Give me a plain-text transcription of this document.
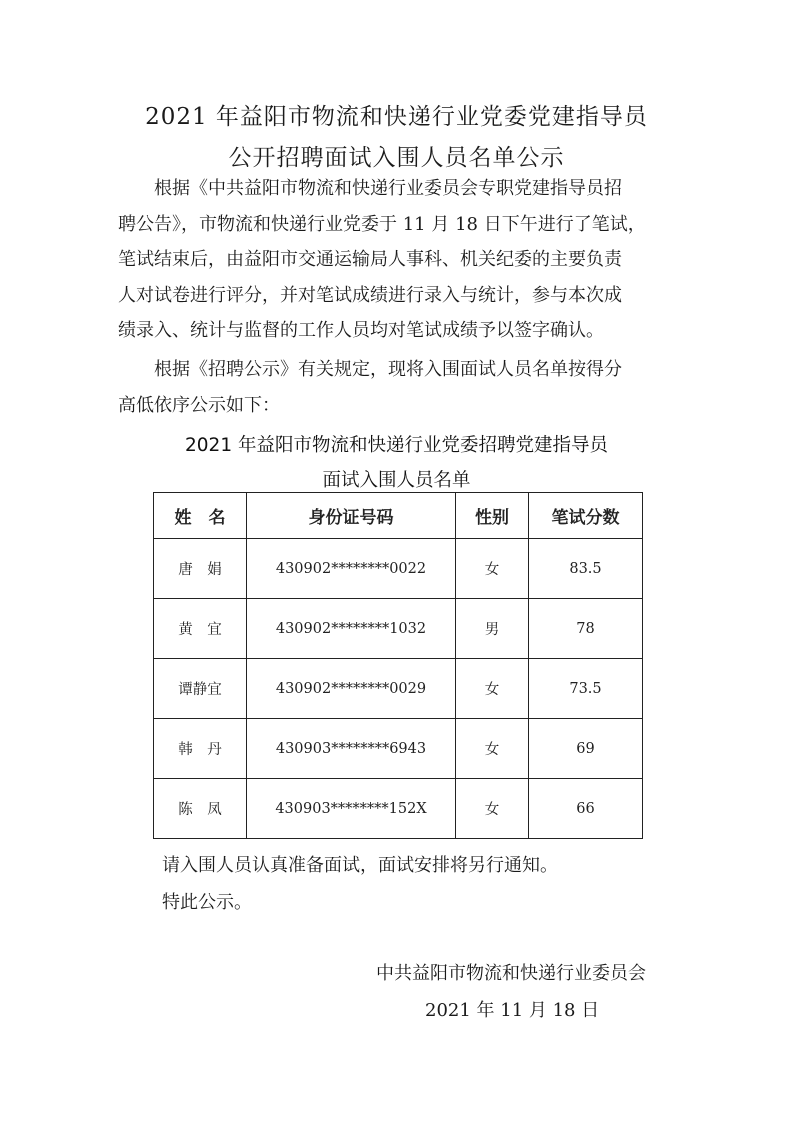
2021 年益阳市物流和快递行业党委党建指导员
公开招聘面试入围人员名单公示
根据《中共益阳市物流和快递行业委员会专职党建指导员招
聘公告》，市物流和快递行业党委于 11 月 18 日下午进行了笔试，
笔试结束后，由益阳市交通运输局人事科、机关纪委的主要负责
人对试卷进行评分，并对笔试成绩进行录入与统计，参与本次成
绩录入、统计与监督的工作人员均对笔试成绩予以签字确认。
根据《招聘公示》有关规定，现将入围面试人员名单按得分
高低依序公示如下：
2021 年益阳市物流和快递行业党委招聘党建指导员
面试入围人员名单
姓　名	身份证号码	性别	笔试分数
唐　娟	430902********0022	女	83.5
黄　宜	430902********1032	男	78
谭静宜	430902********0029	女	73.5
韩　丹	430903********6943	女	69
陈　凤	430903********152X	女	66
请入围人员认真准备面试，面试安排将另行通知。
特此公示。
中共益阳市物流和快递行业委员会
2021 年 11 月 18 日
